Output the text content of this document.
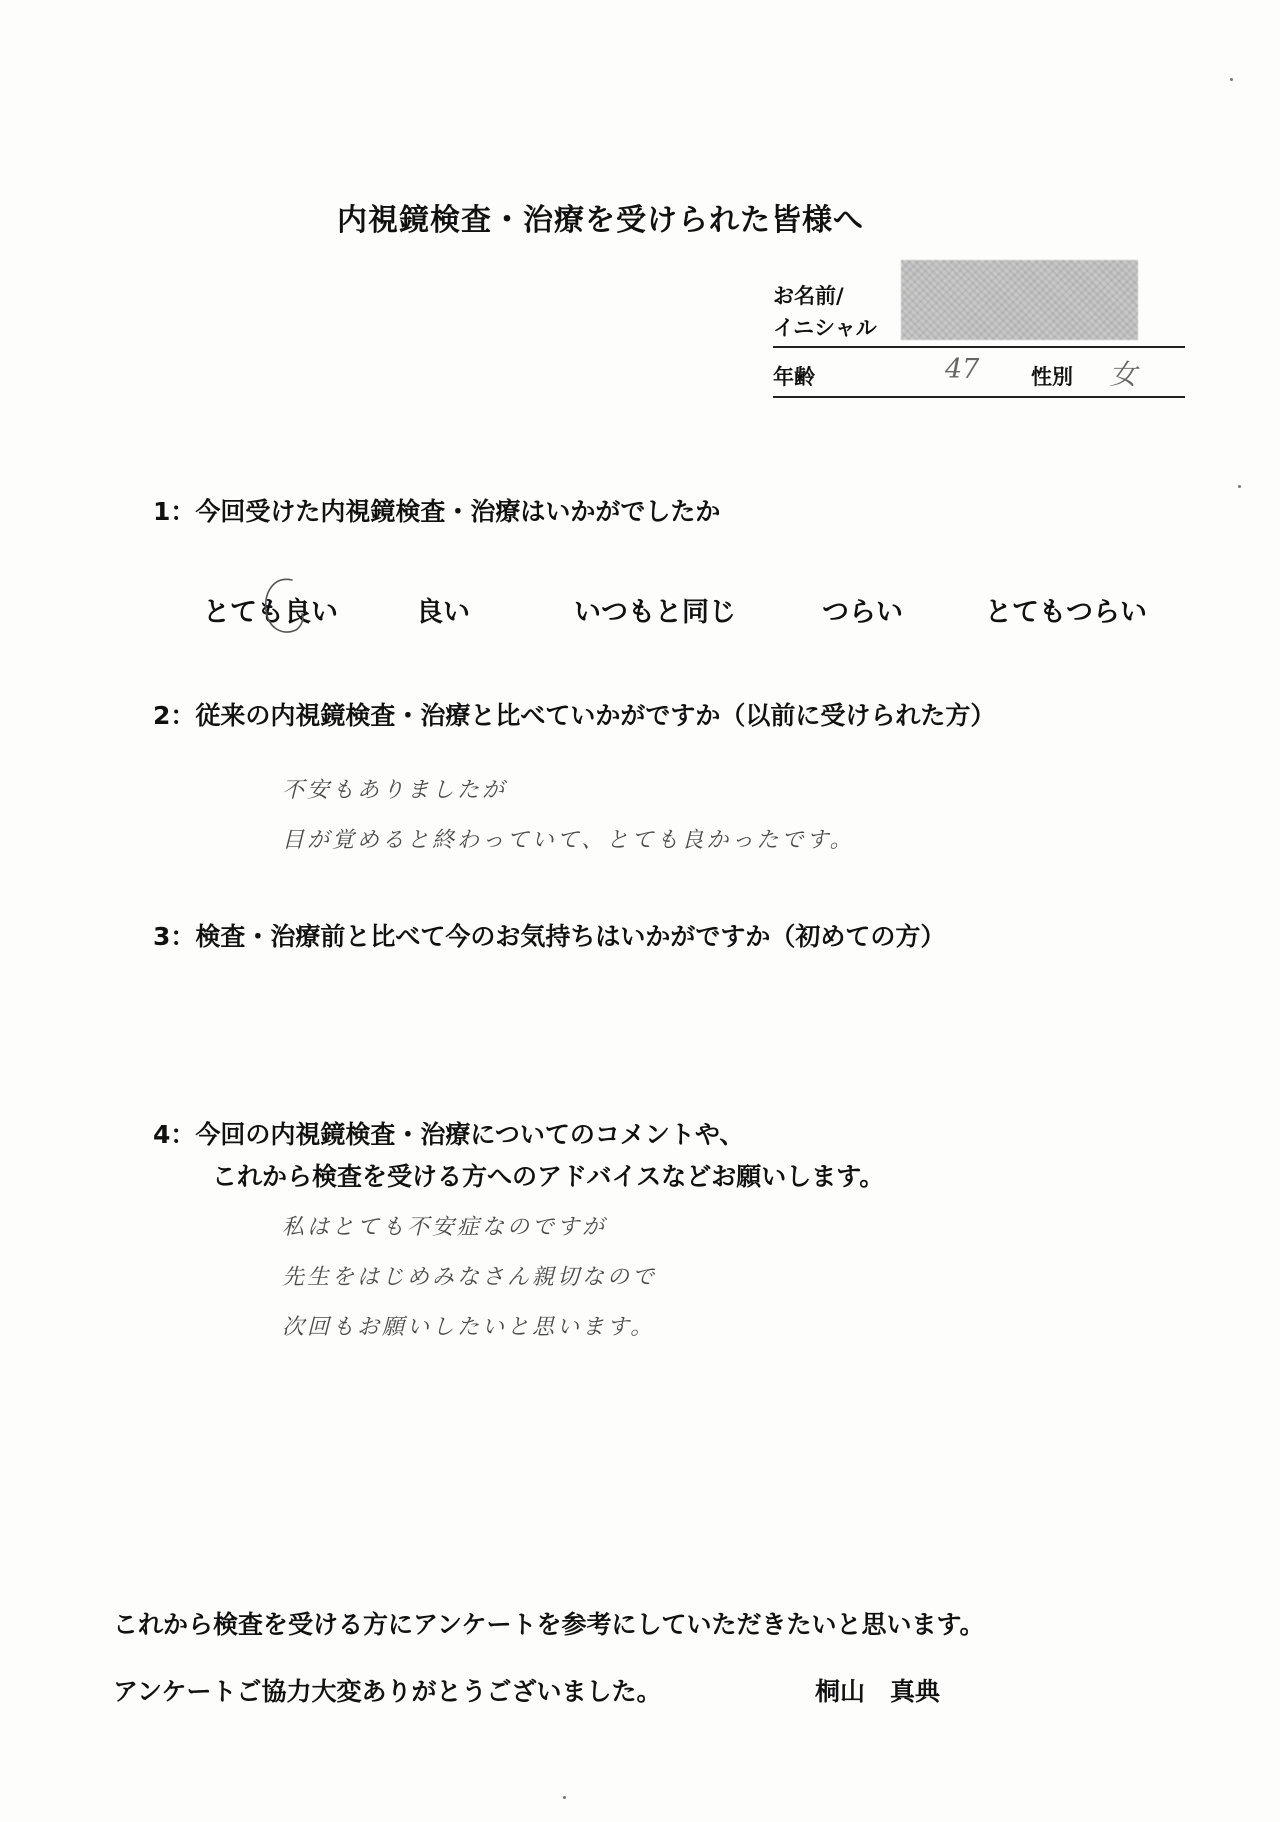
内視鏡検査・治療を受けられた皆様へ
お名前/
イニシャル
年齢	47 性別 女
1：今回受けた内視鏡検査・治療はいかがでしたか
とても良い	良い	いつもと同じ	つらい	とてもつらい
2：従来の内視鏡検査・治療と比べていかがですか（以前に受けられた方）
不安もありましたが
目が覚めると終わっていて、とても良かったです。
3：検査・治療前と比べて今のお気持ちはいかがですか（初めての方）
4：今回の内視鏡検査・治療についてのコメントや、
これから検査を受ける方へのアドバイスなどお願いします。
私はとても不安症なのですが
先生をはじめみなさん親切なので
次回もお願いしたいと思います。
これから検査を受ける方にアンケートを参考にしていただきたいと思います。
アンケートご協力大変ありがとうございました。	桐山　真典
